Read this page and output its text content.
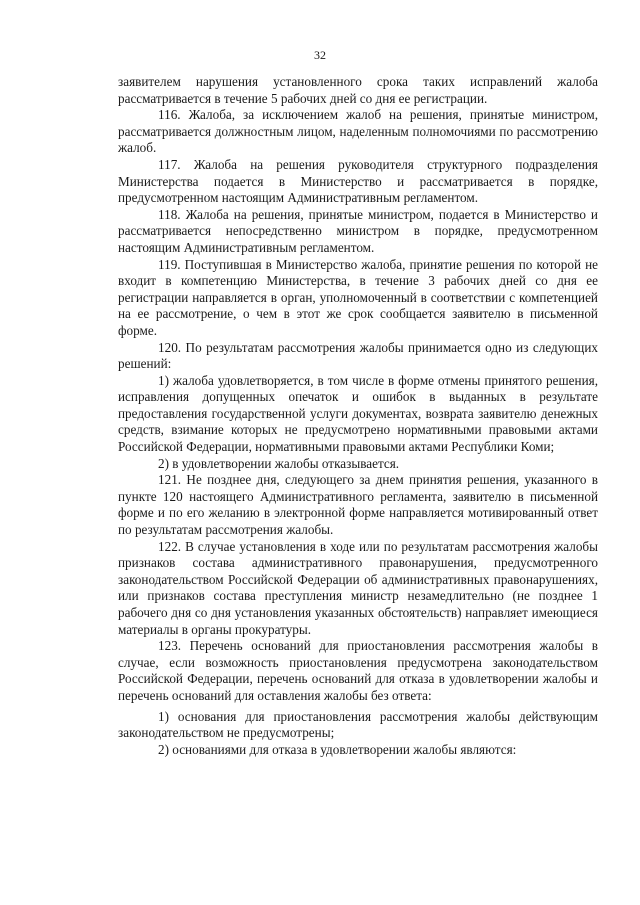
32

заявителем нарушения установленного срока таких исправлений жалоба рассматривается в течение 5 рабочих дней со дня ее регистрации.

116. Жалоба, за исключением жалоб на решения, принятые министром, рассматривается должностным лицом, наделенным полномочиями по рассмотрению жалоб.

117. Жалоба на решения руководителя структурного подразделения Министерства подается в Министерство и рассматривается в порядке, предусмотренном настоящим Административным регламентом.

118. Жалоба на решения, принятые министром, подается в Министерство и рассматривается непосредственно министром в порядке, предусмотренном настоящим Административным регламентом.

119. Поступившая в Министерство жалоба, принятие решения по которой не входит в компетенцию Министерства, в течение 3 рабочих дней со дня ее регистрации направляется в орган, уполномоченный в соответствии с компетенцией на ее рассмотрение, о чем в этот же срок сообщается заявителю в письменной форме.

120. По результатам рассмотрения жалобы принимается одно из следующих решений:

1) жалоба удовлетворяется, в том числе в форме отмены принятого решения, исправления допущенных опечаток и ошибок в выданных в результате предоставления государственной услуги документах, возврата заявителю денежных средств, взимание которых не предусмотрено нормативными правовыми актами Российской Федерации, нормативными правовыми актами Республики Коми;

2) в удовлетворении жалобы отказывается.

121. Не позднее дня, следующего за днем принятия решения, указанного в пункте 120 настоящего Административного регламента, заявителю в письменной форме и по его желанию в электронной форме направляется мотивированный ответ по результатам рассмотрения жалобы.

122. В случае установления в ходе или по результатам рассмотрения жалобы признаков состава административного правонарушения, предусмотренного законодательством Российской Федерации об административных правонарушениях, или признаков состава преступления министр незамедлительно (не позднее 1 рабочего дня со дня установления указанных обстоятельств) направляет имеющиеся материалы в органы прокуратуры.

123. Перечень оснований для приостановления рассмотрения жалобы в случае, если возможность приостановления предусмотрена законодательством Российской Федерации, перечень оснований для отказа в удовлетворении жалобы и перечень оснований для оставления жалобы без ответа:

1) основания для приостановления рассмотрения жалобы действующим законодательством не предусмотрены;

2) основаниями для отказа в удовлетворении жалобы являются:
